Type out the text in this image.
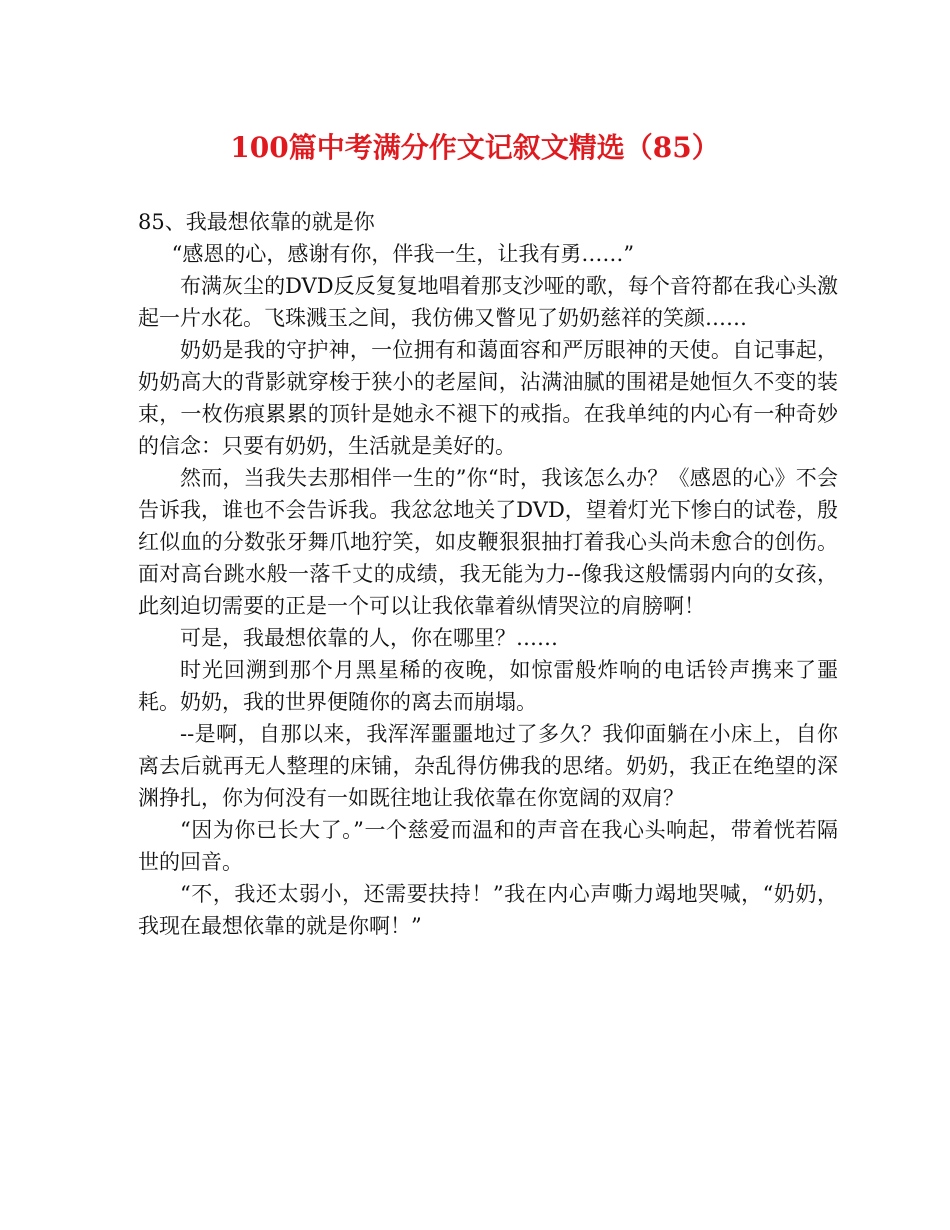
100篇中考满分作文记叙文精选（85）

85、我最想依靠的就是你

“感恩的心，感谢有你，伴我一生，让我有勇……”

布满灰尘的DVD反反复复地唱着那支沙哑的歌，每个音符都在我心头激起一片水花。飞珠溅玉之间，我仿佛又瞥见了奶奶慈祥的笑颜……

奶奶是我的守护神，一位拥有和蔼面容和严厉眼神的天使。自记事起，奶奶高大的背影就穿梭于狭小的老屋间，沾满油腻的围裙是她恒久不变的装束，一枚伤痕累累的顶针是她永不褪下的戒指。在我单纯的内心有一种奇妙的信念：只要有奶奶，生活就是美好的。

然而，当我失去那相伴一生的”你“时，我该怎么办？《感恩的心》不会告诉我，谁也不会告诉我。我忿忿地关了DVD，望着灯光下惨白的试卷，殷红似血的分数张牙舞爪地狞笑，如皮鞭狠狠抽打着我心头尚未愈合的创伤。面对高台跳水般一落千丈的成绩，我无能为力--像我这般懦弱内向的女孩，此刻迫切需要的正是一个可以让我依靠着纵情哭泣的肩膀啊！

可是，我最想依靠的人，你在哪里？……

时光回溯到那个月黑星稀的夜晚，如惊雷般炸响的电话铃声携来了噩耗。奶奶，我的世界便随你的离去而崩塌。

--是啊，自那以来，我浑浑噩噩地过了多久？我仰面躺在小床上，自你离去后就再无人整理的床铺，杂乱得仿佛我的思绪。奶奶，我正在绝望的深渊挣扎，你为何没有一如既往地让我依靠在你宽阔的双肩？

“因为你已长大了。”一个慈爱而温和的声音在我心头响起，带着恍若隔世的回音。

“不，我还太弱小，还需要扶持！”我在内心声嘶力竭地哭喊，“奶奶，我现在最想依靠的就是你啊！”
